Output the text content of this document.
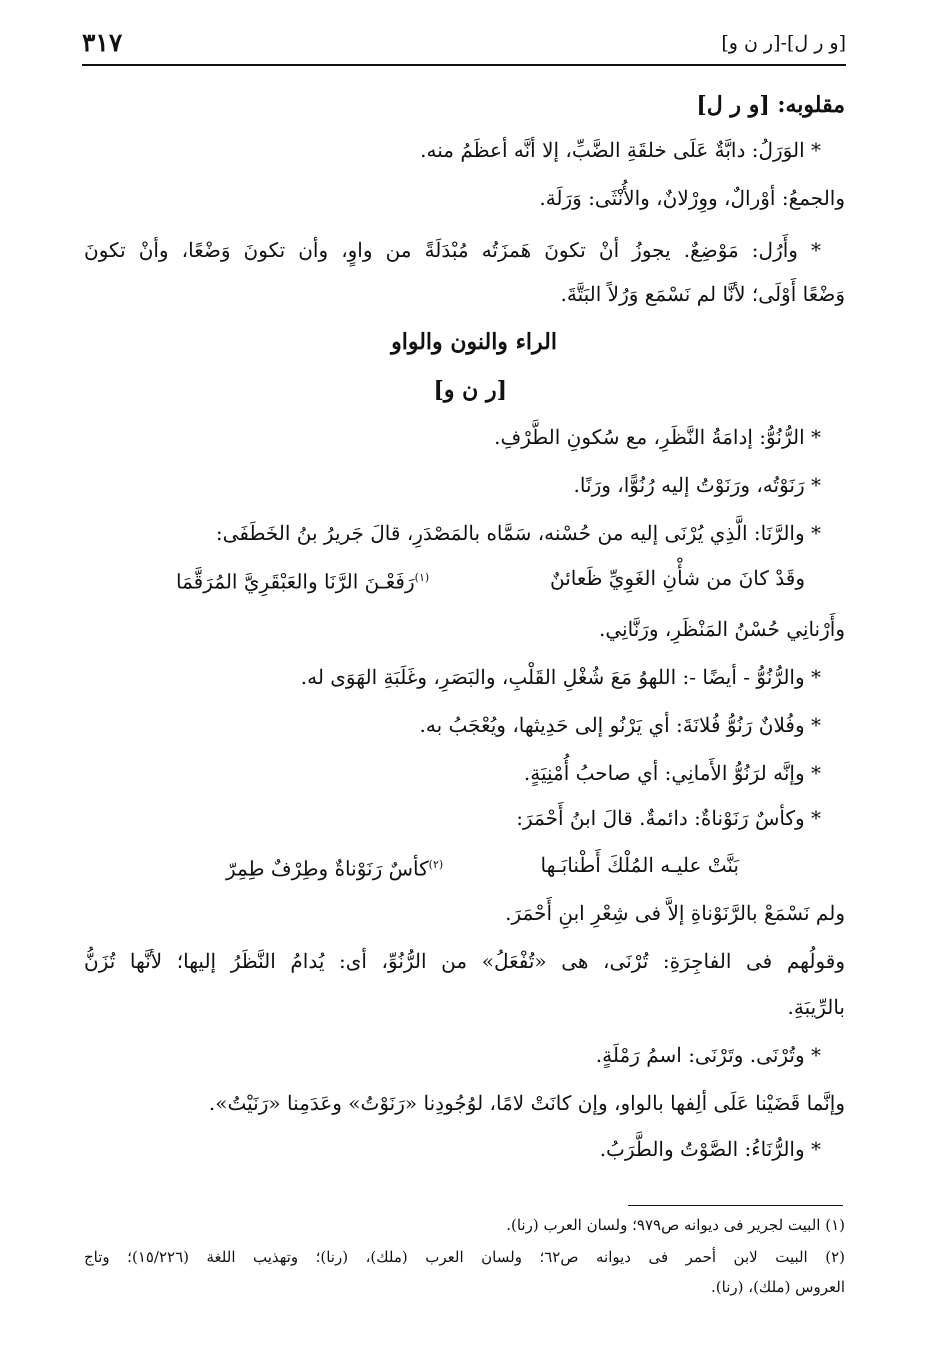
[و ر ل]-[ر ن و]
٣١٧
مقلوبه: [و ر ل]
* الوَرَلُ: دابَّةٌ عَلَى خلقَةِ الضَّبِّ، إلا أنَّه أعظَمُ منه.
والجمعُ: أوْرالٌ، ووِرْلانٌ، والأُنْثَى: وَرَلَة.
* وأَرُل: مَوْضِعٌ. يجوزُ أنْ تكونَ هَمزَتُه مُبْدَلَةً من واوٍ، وأن تكونَ وَضْعًا، وأنْ تكونَ
وَضْعًا أَوْلَى؛ لأنَّا لم نَسْمَع وَرُلاً البَتَّةَ.
الراء والنون والواو
[ر ن و]
* الرُّنُوُّ: إدامَةُ النَّظَرِ، مع سُكونِ الطَّرْفِ.
* رَنَوْتُه، ورَنَوْتُ إليه رُنُوًّا، ورَنًا.
* والرَّنَا: الَّذِي يُرْنَى إليه من حُسْنه، سَمَّاه بالمَصْدَرِ، قالَ جَريرُ بنُ الخَطَفَى:
وقَدْ كانَ من شأْنِ الغَوِيِّ ظَعائنٌ
$^{(١)}$رَفَعْـنَ الرَّنَا والعَبْقَرِيَّ المُرَقَّمَا
وأَرْنانِي حُسْنُ المَنْظَرِ، ورَنَّانِي.
* والرُّنُوُّ - أيضًا -: اللهوُ مَعَ شُغْلِ القَلْبِ، والبَصَرِ، وغَلَبَةِ الهَوَى له.
* وفُلانٌ رَنُوُّ فُلانَةَ: أي يَرْنُو إلى حَدِيثها، ويُعْجَبُ به.
* وإنَّه لرَنُوُّ الأَمانِي: أي صاحبُ أُمْنِيَةٍ.
* وكأسٌ رَنَوْناةٌ: دائمةٌ. قالَ ابنُ أَحْمَرَ:
بَنَّتْ عليـه المُلْكَ أَطْنابَـها
$^{(٢)}$كأسٌ رَنَوْناةٌ وطِرْفٌ طِمِرّ
ولم نَسْمَعْ بالرَّنَوْناةِ إلاَّ فى شِعْرِ ابنِ أَحْمَرَ.
وقولُهم فى الفاجِرَةِ: تُرْنَى، هى «تُفْعَلُ» من الرُّنُوِّ، أى: يُدامُ النَّظَرُ إليها؛ لأنَّها تُزَنُّ
بالرِّيبَةِ.
* وتُرْنَى. وتَرْنَى: اسمُ رَمْلَةٍ.
وإنَّما قَضَيْنا عَلَى ألِفها بالواو، وإن كانَتْ لامًا، لوُجُودِنا «رَنَوْتُ» وعَدَمِنا «رَنَيْتُ».
* والرُّنَاءُ: الصَّوْتُ والطَّرَبُ.
(١) البيت لجرير فى ديوانه ص٩٧٩؛ ولسان العرب (رنا).
(٢) البيت لابن أحمر فى ديوانه ص٦٢؛ ولسان العرب (ملك)، (رنا)؛ وتهذيب اللغة (١٥/٢٢٦)؛ وتاج
العروس (ملك)، (رنا).
